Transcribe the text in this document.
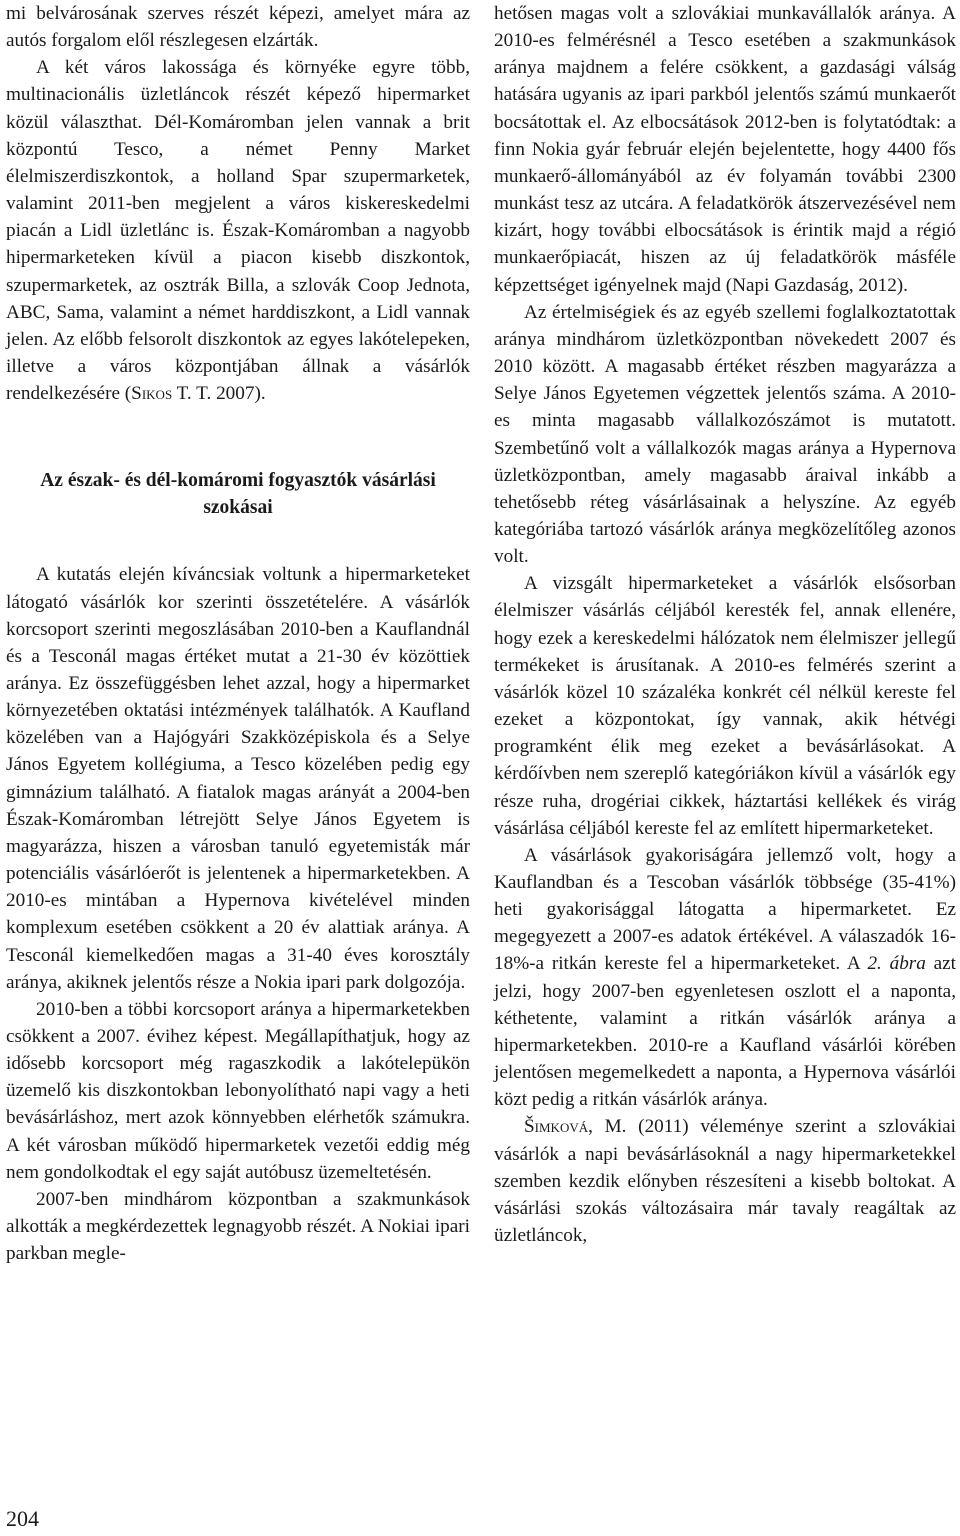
mi belvárosának szerves részét képezi, amelyet mára az autós forgalom elől részlegesen elzárták.

A két város lakossága és környéke egyre több, multinacionális üzletláncok részét képező hipermarket közül választhat. Dél-Komáromban jelen vannak a brit központú Tesco, a német Penny Market élelmiszerdiszkontok, a holland Spar szupermarketek, valamint 2011-ben megjelent a város kiskereskedelmi piacán a Lidl üzletlánc is. Észak-Komáromban a nagyobb hipermarketeken kívül a piacon kisebb diszkontok, szupermarketek, az osztrák Billa, a szlovák Coop Jednota, ABC, Sama, valamint a német harddiszkont, a Lidl vannak jelen. Az előbb felsorolt diszkontok az egyes lakótelepeken, illetve a város központjában állnak a vásárlók rendelkezésére (Sikos T. T. 2007).

Az észak- és dél-komáromi fogyasztók vásárlási szokásai

A kutatás elején kíváncsiak voltunk a hipermarketeket látogató vásárlók kor szerinti összetételére. A vásárlók korcsoport szerinti megoszlásában 2010-ben a Kauflandnál és a Tesconál magas értéket mutat a 21-30 év közöttiek aránya. Ez összefüggésben lehet azzal, hogy a hipermarket környezetében oktatási intézmények találhatók. A Kaufland közelében van a Hajógyári Szakközépiskola és a Selye János Egyetem kollégiuma, a Tesco közelében pedig egy gimnázium található. A fiatalok magas arányát a 2004-ben Észak-Komáromban létrejött Selye János Egyetem is magyarázza, hiszen a városban tanuló egyetemisták már potenciális vásárlóerőt is jelentenek a hipermarketekben. A 2010-es mintában a Hypernova kivételével minden komplexum esetében csökkent a 20 év alattiak aránya. A Tesconál kiemelkedően magas a 31-40 éves korosztály aránya, akiknek jelentős része a Nokia ipari park dolgozója.

2010-ben a többi korcsoport aránya a hipermarketekben csökkent a 2007. évihez képest. Megállapíthatjuk, hogy az idősebb korcsoport még ragaszkodik a lakótelepükön üzemelő kis diszkontokban lebonyolítható napi vagy a heti bevásárláshoz, mert azok könnyebben elérhetők számukra. A két városban működő hipermarketek vezetői eddig még nem gondolkodtak el egy saját autóbusz üzemeltetésén.

2007-ben mindhárom központban a szakmunkások alkották a megkérdezettek legnagyobb részét. A Nokiai ipari parkban megle-

hetősen magas volt a szlovákiai munkavállalók aránya. A 2010-es felmérésnél a Tesco esetében a szakmunkások aránya majdnem a felére csökkent, a gazdasági válság hatására ugyanis az ipari parkból jelentős számú munkaerőt bocsátottak el. Az elbocsátások 2012-ben is folytatódtak: a finn Nokia gyár február elején bejelentette, hogy 4400 fős munkaerő-állományából az év folyamán további 2300 munkást tesz az utcára. A feladatkörök átszervezésével nem kizárt, hogy további elbocsátások is érintik majd a régió munkaerőpiacát, hiszen az új feladatkörök másféle képzettséget igényelnek majd (Napi Gazdaság, 2012).

Az értelmiségiek és az egyéb szellemi foglalkoztatottak aránya mindhárom üzletközpontban növekedett 2007 és 2010 között. A magasabb értéket részben magyarázza a Selye János Egyetemen végzettek jelentős száma. A 2010-es minta magasabb vállalkozószámot is mutatott. Szembetűnő volt a vállalkozók magas aránya a Hypernova üzletközpontban, amely magasabb áraival inkább a tehetősebb réteg vásárlásainak a helyszíne. Az egyéb kategóriába tartozó vásárlók aránya megközelítőleg azonos volt.

A vizsgált hipermarketeket a vásárlók elsősorban élelmiszer vásárlás céljából keresték fel, annak ellenére, hogy ezek a kereskedelmi hálózatok nem élelmiszer jellegű termékeket is árusítanak. A 2010-es felmérés szerint a vásárlók közel 10 százaléka konkrét cél nélkül kereste fel ezeket a központokat, így vannak, akik hétvégi programként élik meg ezeket a bevásárlásokat. A kérdőívben nem szereplő kategóriákon kívül a vásárlók egy része ruha, drogériai cikkek, háztartási kellékek és virág vásárlása céljából kereste fel az említett hipermarketeket.

A vásárlások gyakoriságára jellemző volt, hogy a Kauflandban és a Tescoban vásárlók többsége (35-41%) heti gyakorisággal látogatta a hipermarketet. Ez megegyezett a 2007-es adatok értékével. A válaszadók 16-18%-a ritkán kereste fel a hipermarketeket. A 2. ábra azt jelzi, hogy 2007-ben egyenletesen oszlott el a naponta, kéthetente, valamint a ritkán vásárlók aránya a hipermarketekben. 2010-re a Kaufland vásárlói körében jelentősen megemelkedett a naponta, a Hypernova vásárlói közt pedig a ritkán vásárlók aránya.

Šimková, M. (2011) véleménye szerint a szlovákiai vásárlók a napi bevásárlásoknál a nagy hipermarketekkel szemben kezdik előnyben részesíteni a kisebb boltokat. A vásárlási szokás változásaira már tavaly reagáltak az üzletláncok,

204
